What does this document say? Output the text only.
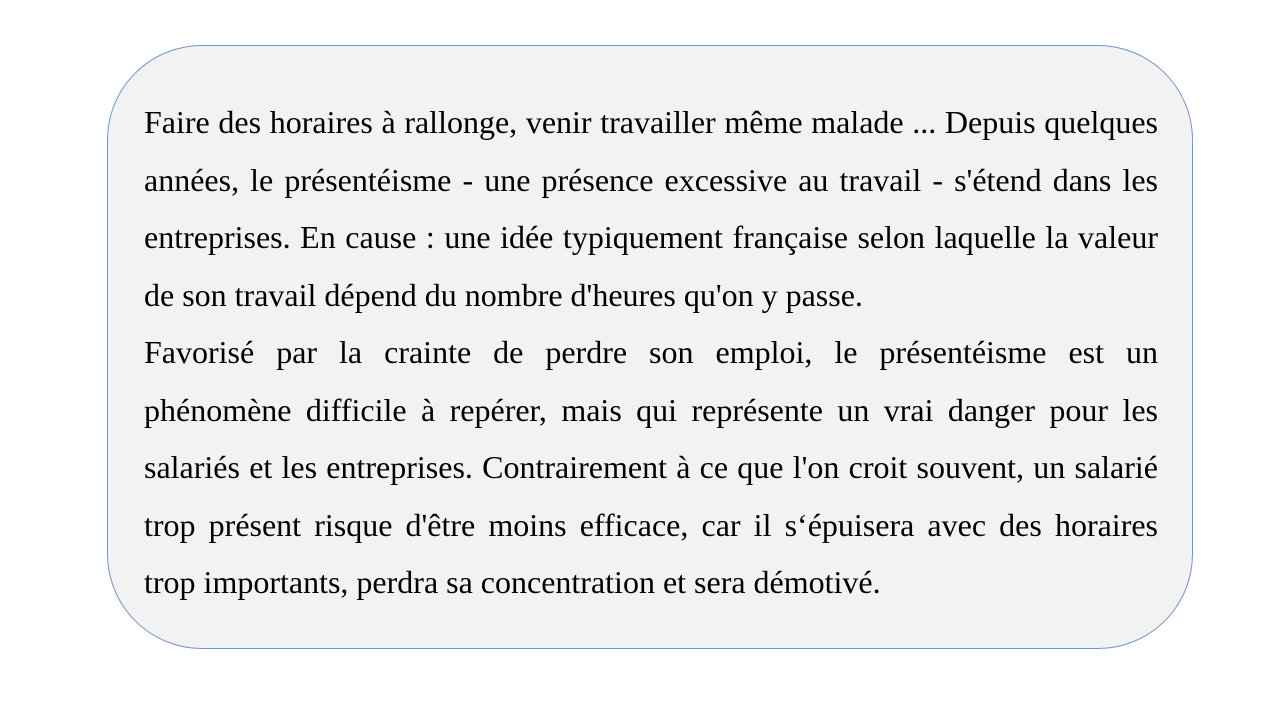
Faire des horaires à rallonge, venir travailler même malade ... Depuis quelques années, le présentéisme - une présence excessive au travail - s'étend dans les entreprises. En cause : une idée typiquement française selon laquelle la valeur de son travail dépend du nombre d'heures qu'on y passe.

Favorisé par la crainte de perdre son emploi, le présentéisme est un phénomène difficile à repérer, mais qui représente un vrai danger pour les salariés et les entreprises. Contrairement à ce que l'on croit souvent, un salarié trop présent risque d'être moins efficace, car il s‘épuisera avec des horaires trop importants, perdra sa concentration et sera démotivé.
